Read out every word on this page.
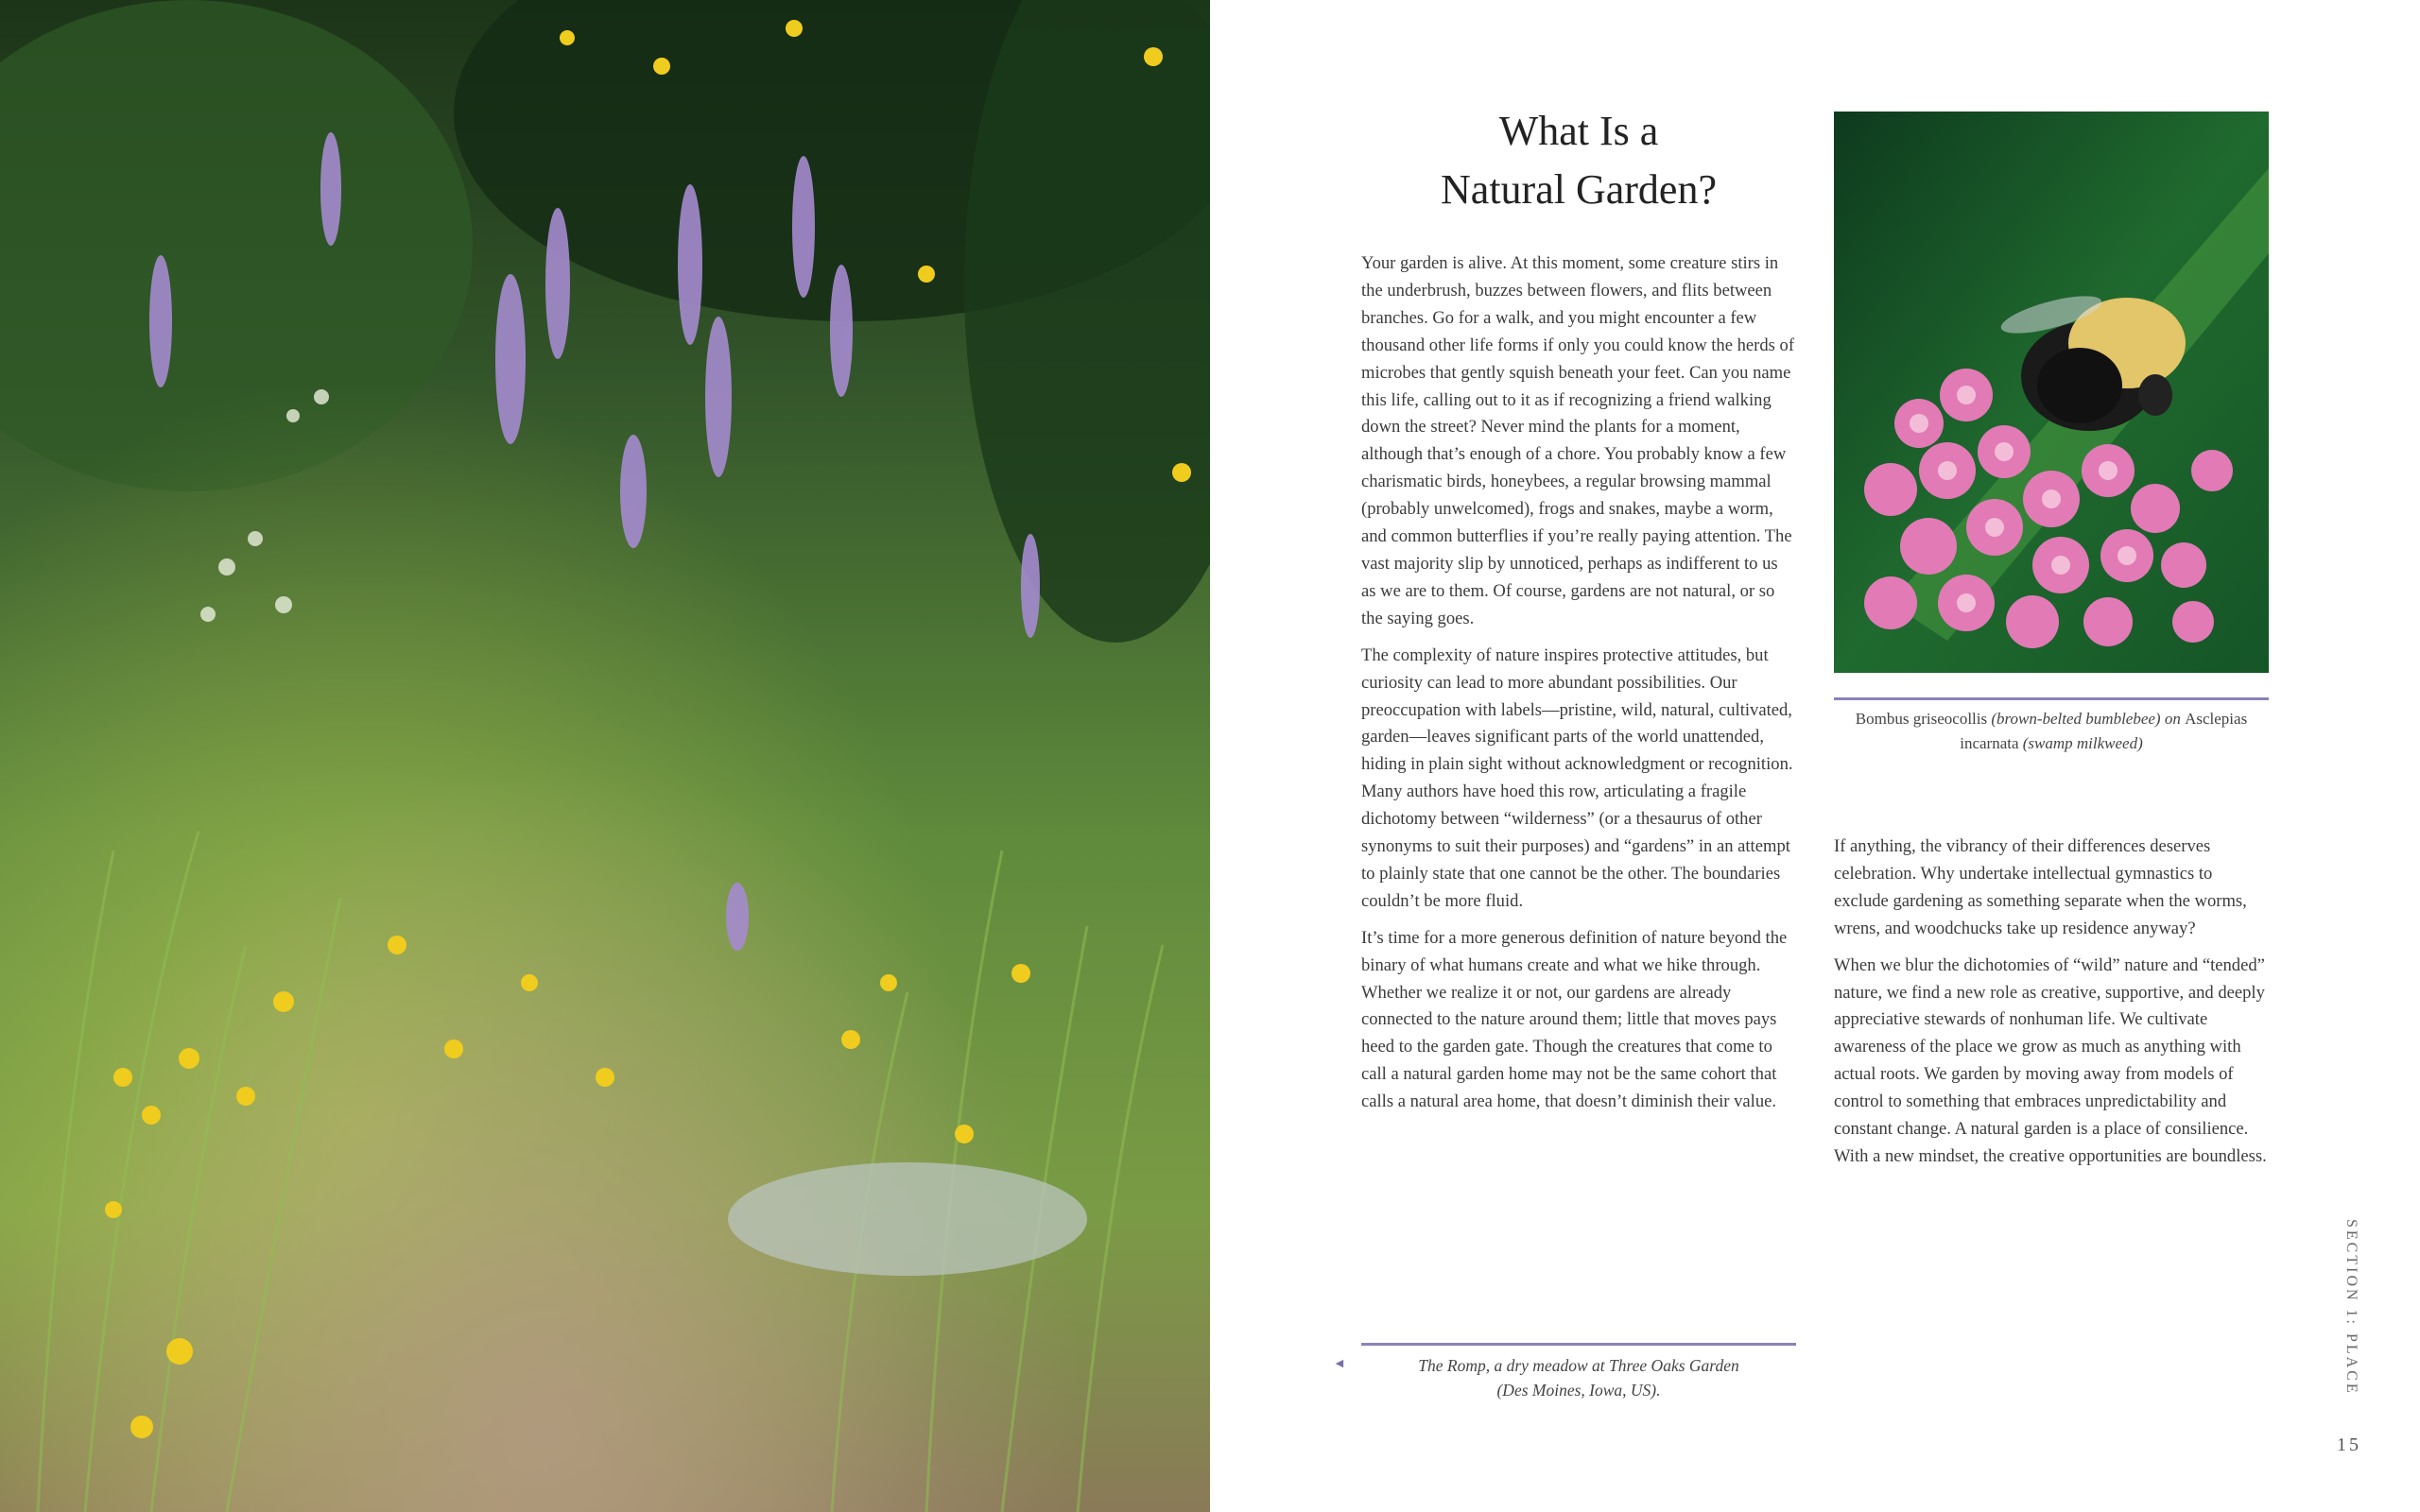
What Is a
Natural Garden?

Your garden is alive. At this moment, some creature stirs in the underbrush, buzzes between flowers, and flits between branches. Go for a walk, and you might encounter a few thousand other life forms if only you could know the herds of microbes that gently squish beneath your feet. Can you name this life, calling out to it as if recognizing a friend walking down the street? Never mind the plants for a moment, although that’s enough of a chore. You probably know a few charismatic birds, honeybees, a regular browsing mammal (probably unwelcomed), frogs and snakes, maybe a worm, and common butterflies if you’re really paying attention. The vast majority slip by unnoticed, perhaps as indifferent to us as we are to them. Of course, gardens are not natural, or so the saying goes.

The complexity of nature inspires protective attitudes, but curiosity can lead to more abundant possibilities. Our preoccupation with labels—pristine, wild, natural, cultivated, garden—leaves significant parts of the world unattended, hiding in plain sight without acknowledgment or recognition. Many authors have hoed this row, articulating a fragile dichotomy between “wilderness” (or a thesaurus of other synonyms to suit their purposes) and “gardens” in an attempt to plainly state that one cannot be the other. The boundaries couldn’t be more fluid.

It’s time for a more generous definition of nature beyond the binary of what humans create and what we hike through. Whether we realize it or not, our gardens are already connected to the nature around them; little that moves pays heed to the garden gate. Though the creatures that come to call a natural garden home may not be the same cohort that calls a natural area home, that doesn’t diminish their value.

Bombus griseocollis (brown-belted bumblebee) on Asclepias incarnata (swamp milkweed)

If anything, the vibrancy of their differences deserves celebration. Why undertake intellectual gymnastics to exclude gardening as something separate when the worms, wrens, and woodchucks take up residence anyway?

When we blur the dichotomies of “wild” nature and “tended” nature, we find a new role as creative, supportive, and deeply appreciative stewards of nonhuman life. We cultivate awareness of the place we grow as much as anything with actual roots. We garden by moving away from models of control to something that embraces unpredictability and constant change. A natural garden is a place of consilience. With a new mindset, the creative opportunities are boundless.

◄	The Romp, a dry meadow at Three Oaks Garden
(Des Moines, Iowa, US).	SECTION 1: PLACE
15
